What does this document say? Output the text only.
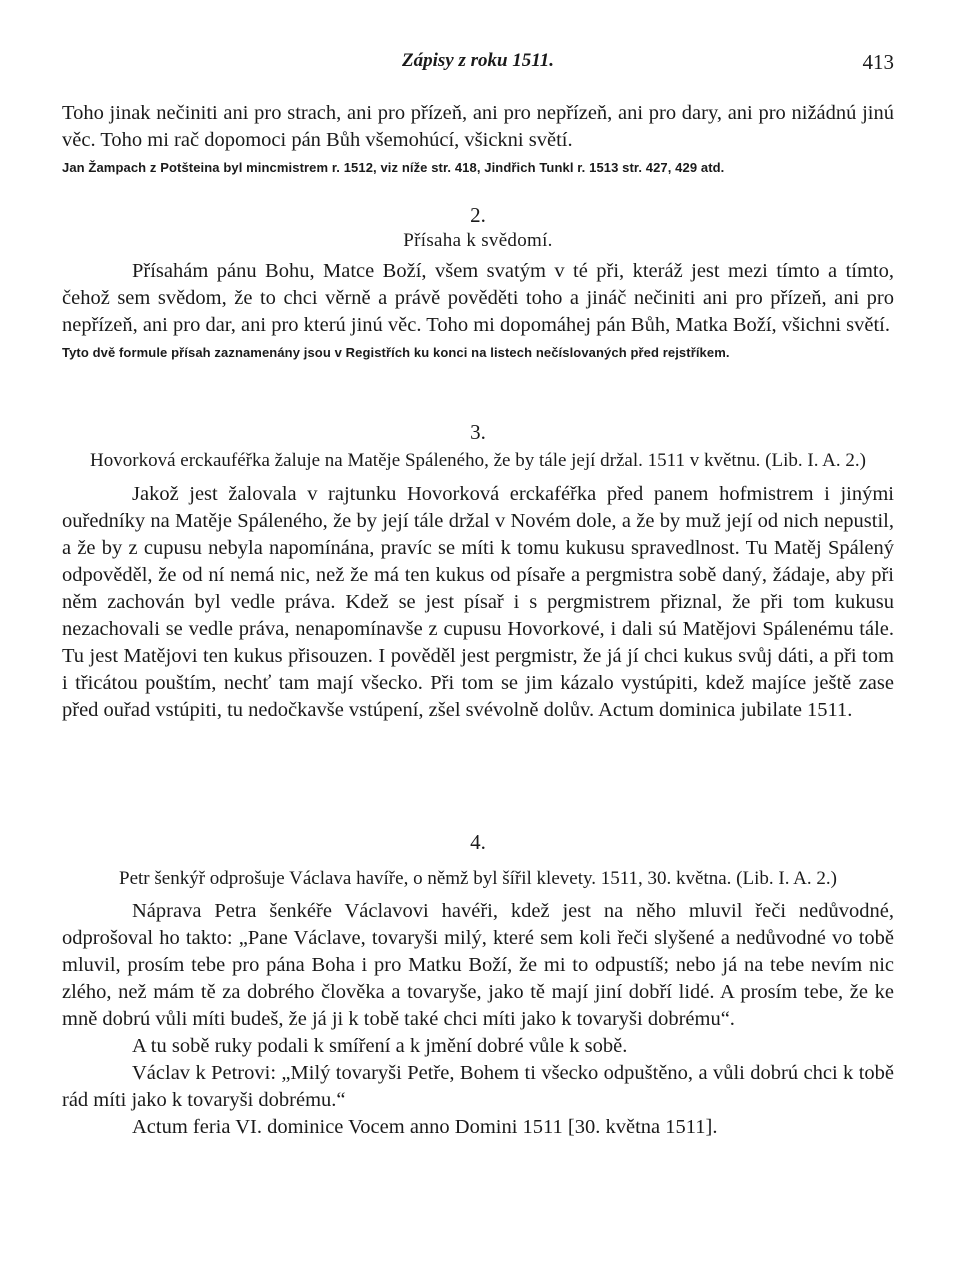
Zápisy z roku 1511.	413

Toho jinak nečiniti ani pro strach, ani pro přízeň, ani pro nepřízeň, ani pro dary, ani pro nižádnú jinú věc. Toho mi rač dopomoci pán Bůh všemohúcí, všickni světí.

Jan Žampach z Potšteina byl mincmistrem r. 1512, viz níže str. 418, Jindřich Tunkl r. 1513 str. 427, 429 atd.

2.

Přísaha k svědomí.

Přísahám pánu Bohu, Matce Boží, všem svatým v té při, kteráž jest mezi tímto a tímto, čehož sem svědom, že to chci věrně a právě pověděti toho a jináč nečiniti ani pro přízeň, ani pro nepřízeň, ani pro dar, ani pro kterú jinú věc. Toho mi dopomáhej pán Bůh, Matka Boží, všichni světí.

Tyto dvě formule přísah zaznamenány jsou v Registřích ku konci na listech nečíslovaných před rejstříkem.

3.

Hovorková erckauféřka žaluje na Matěje Spáleného, že by tále její držal. 1511 v květnu. (Lib. I. A. 2.)

Jakož jest žalovala v rajtunku Hovorková erckaféřka před panem hofmistrem i jinými ouředníky na Matěje Spáleného, že by její tále držal v Novém dole, a že by muž její od nich nepustil, a že by z cupusu nebyla napomínána, pravíc se míti k tomu kukusu spravedlnost. Tu Matěj Spálený odpověděl, že od ní nemá nic, než že má ten kukus od písaře a pergmistra sobě daný, žádaje, aby při něm zachován byl vedle práva. Kdež se jest písař i s pergmistrem přiznal, že při tom kukusu nezachovali se vedle práva, nenapomínavše z cupusu Hovorkové, i dali sú Matějovi Spálenému tále. Tu jest Matějovi ten kukus přisouzen. I pověděl jest pergmistr, že já jí chci kukus svůj dáti, a při tom i třicátou pouštím, nechť tam mají všecko. Při tom se jim kázalo vystúpiti, kdež majíce ještě zase před ouřad vstúpiti, tu nedočkavše vstúpení, zšel svévolně dolův. Actum dominica jubilate 1511.

4.

Petr šenkýř odprošuje Václava havíře, o němž byl šířil klevety. 1511, 30. května. (Lib. I. A. 2.)

Náprava Petra šenkéře Václavovi havéři, kdež jest na něho mluvil řeči nedůvodné, odprošoval ho takto: „Pane Václave, tovaryši milý, které sem koli řeči slyšené a nedůvodné vo tobě mluvil, prosím tebe pro pána Boha i pro Matku Boží, že mi to odpustíš; nebo já na tebe nevím nic zlého, než mám tě za dobrého člověka a tovaryše, jako tě mají jiní dobří lidé. A prosím tebe, že ke mně dobrú vůli míti budeš, že já ji k tobě také chci míti jako k tovaryši dobrému“.

A tu sobě ruky podali k smíření a k jmění dobré vůle k sobě.

Václav k Petrovi: „Milý tovaryši Petře, Bohem ti všecko odpuštěno, a vůli dobrú chci k tobě rád míti jako k tovaryši dobrému.“

Actum feria VI. dominice Vocem anno Domini 1511 [30. května 1511].
